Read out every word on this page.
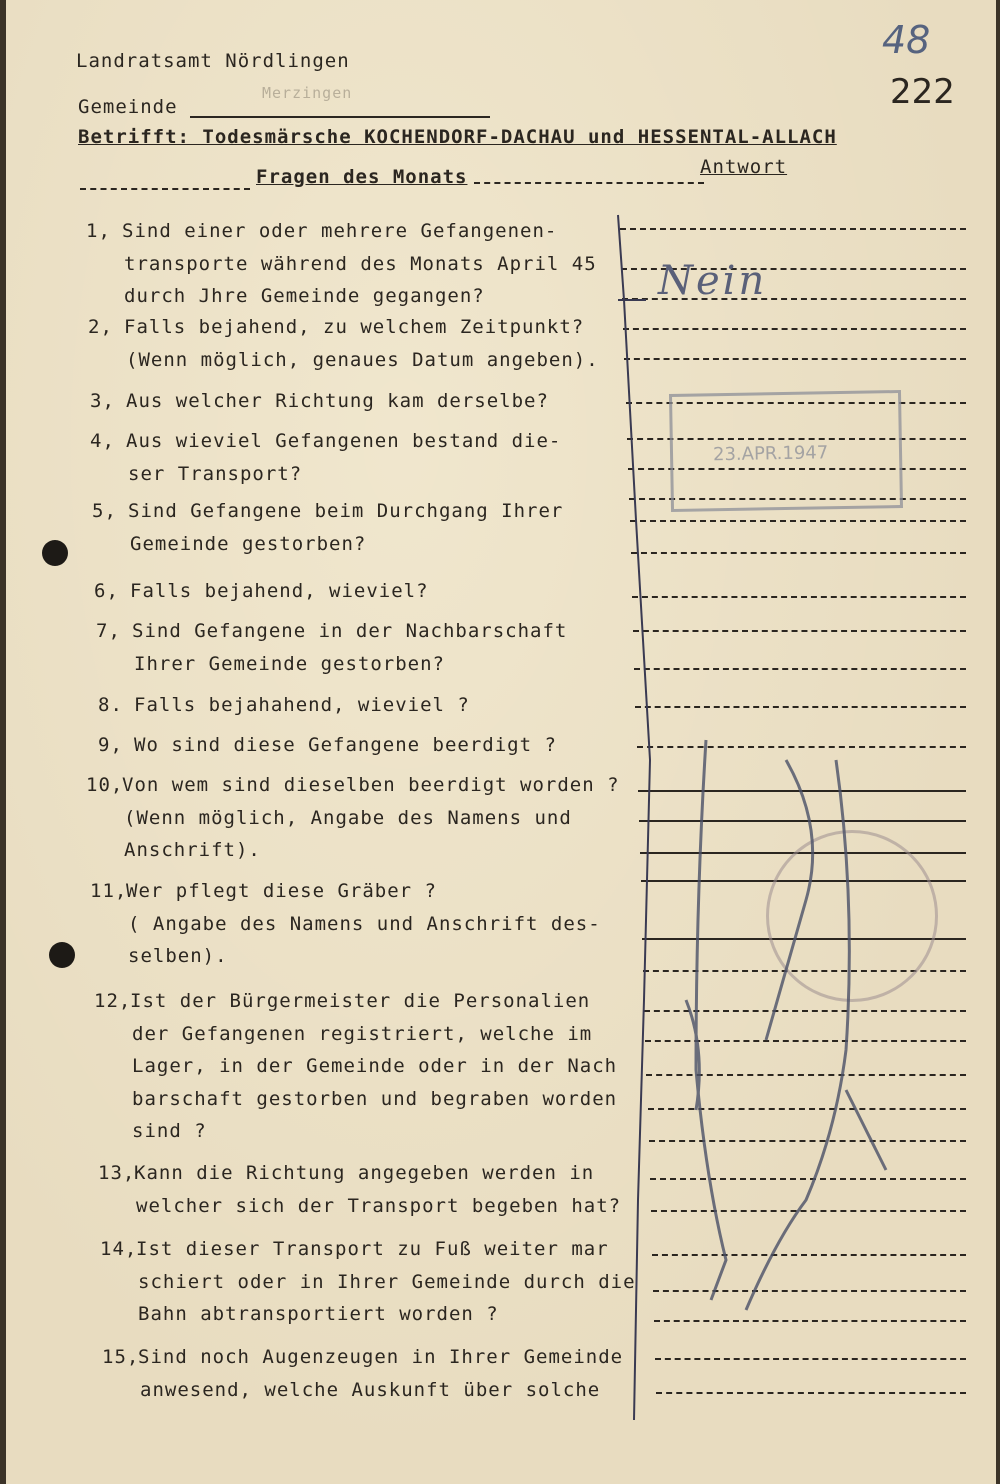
48
222
Landratsamt Nördlingen
Gemeinde
Merzingen
Betrifft: Todesmärsche KOCHENDORF-DACHAU und HESSENTAL-ALLACH
Fragen des Monats	Antwort
1, Sind einer oder mehrere Gefangenen-
transporte während des Monats April 45
durch Jhre Gemeinde gegangen?
2, Falls bejahend, zu welchem Zeitpunkt?
(Wenn möglich, genaues Datum angeben).
3, Aus welcher Richtung kam derselbe?
4, Aus wieviel Gefangenen bestand die-
ser Transport?
5, Sind Gefangene beim Durchgang Ihrer
Gemeinde gestorben?
6, Falls bejahend, wieviel?
7, Sind Gefangene in der Nachbarschaft
Ihrer Gemeinde gestorben?
8. Falls bejahahend, wieviel ?
9, Wo sind diese Gefangene beerdigt ?
10,Von wem sind dieselben beerdigt worden ?
(Wenn möglich, Angabe des Namens und
Anschrift).
11,Wer pflegt diese Gräber ?
( Angabe des Namens und Anschrift des-
selben).
12,Ist der Bürgermeister die Personalien
der Gefangenen registriert, welche im
Lager, in der Gemeinde oder in der Nach
barschaft gestorben und begraben worden
sind ?
13,Kann die Richtung angegeben werden in
welcher sich der Transport begeben hat?
14,Ist dieser Transport zu Fuß weiter mar
schiert oder in Ihrer Gemeinde durch die
Bahn abtransportiert worden ?
15,Sind noch Augenzeugen in Ihrer Gemeinde
anwesend, welche Auskunft über solche
Nein
23.APR.1947
